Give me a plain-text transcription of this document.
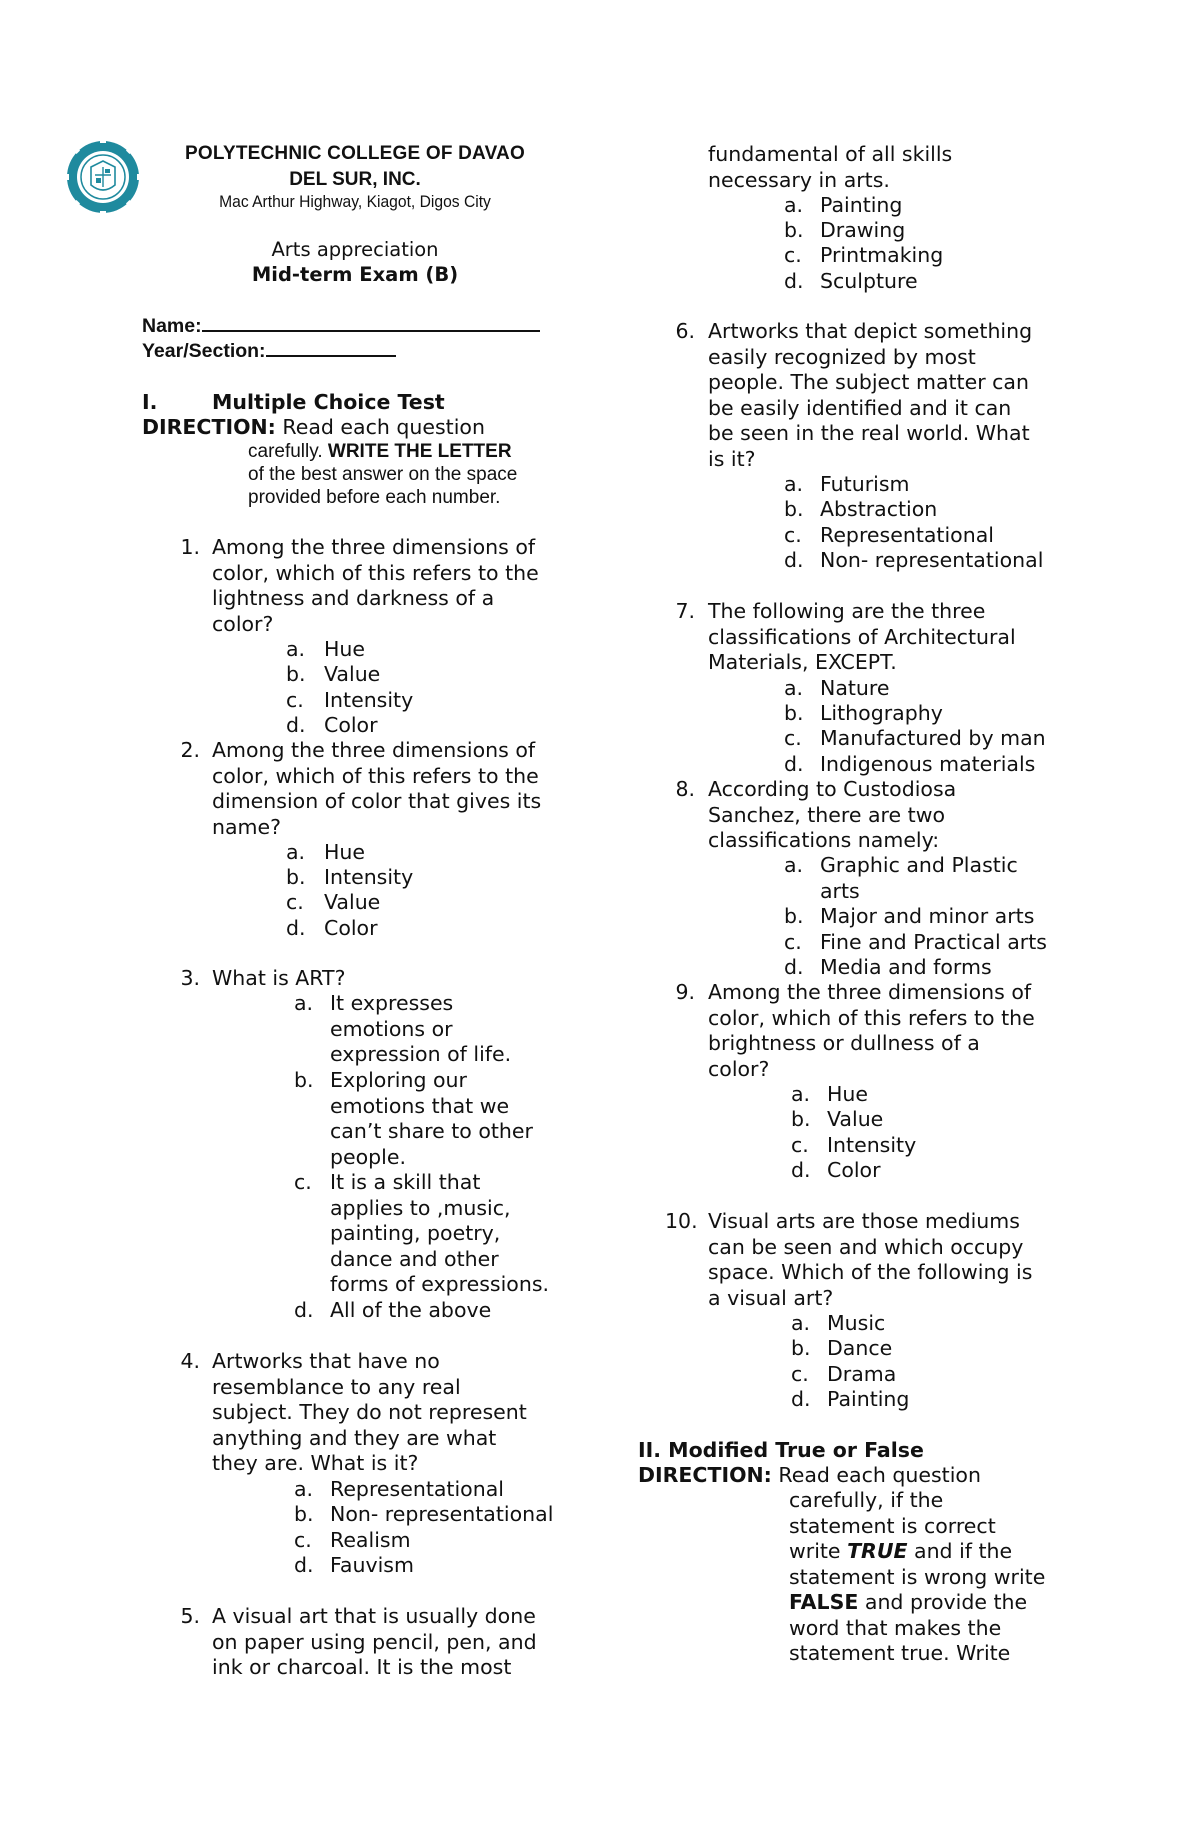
POLYTECHNIC COLLEGE OF DAVAO
DEL SUR, INC.
Mac Arthur Highway, Kiagot, Digos City
Arts appreciation
Mid-term Exam (B)
Name:
Year/Section:
I.	Multiple Choice Test
DIRECTION: Read each question
carefully. WRITE THE LETTER
of the best answer on the space
provided before each number.
1. Among the three dimensions of
color, which of this refers to the
lightness and darkness of a
color?
a. Hue
b. Value
c. Intensity
d. Color
2. Among the three dimensions of
color, which of this refers to the
dimension of color that gives its
name?
a. Hue
b. Intensity
c. Value
d. Color
3. What is ART?
a. It expresses
emotions or
expression of life.
b. Exploring our
emotions that we
can’t share to other
people.
c. It is a skill that
applies to ,music,
painting, poetry,
dance and other
forms of expressions.
d. All of the above
4. Artworks that have no
resemblance to any real
subject. They do not represent
anything and they are what
they are. What is it?
a. Representational
b. Non- representational
c. Realism
d. Fauvism
5. A visual art that is usually done
on paper using pencil, pen, and
ink or charcoal. It is the most
fundamental of all skills
necessary in arts.
a. Painting
b. Drawing
c. Printmaking
d. Sculpture
6. Artworks that depict something
easily recognized by most
people. The subject matter can
be easily identified and it can
be seen in the real world. What
is it?
a. Futurism
b. Abstraction
c. Representational
d. Non- representational
7. The following are the three
classifications of Architectural
Materials, EXCEPT.
a. Nature
b. Lithography
c. Manufactured by man
d. Indigenous materials
8. According to Custodiosa
Sanchez, there are two
classifications namely:
a. Graphic and Plastic
arts
b. Major and minor arts
c. Fine and Practical arts
d. Media and forms
9. Among the three dimensions of
color, which of this refers to the
brightness or dullness of a
color?
a. Hue
b. Value
c. Intensity
d. Color
10. Visual arts are those mediums
can be seen and which occupy
space. Which of the following is
a visual art?
a. Music
b. Dance
c. Drama
d. Painting
II. Modified True or False
DIRECTION: Read each question
carefully, if the
statement is correct
write TRUE and if the
statement is wrong write
FALSE and provide the
word that makes the
statement true. Write
